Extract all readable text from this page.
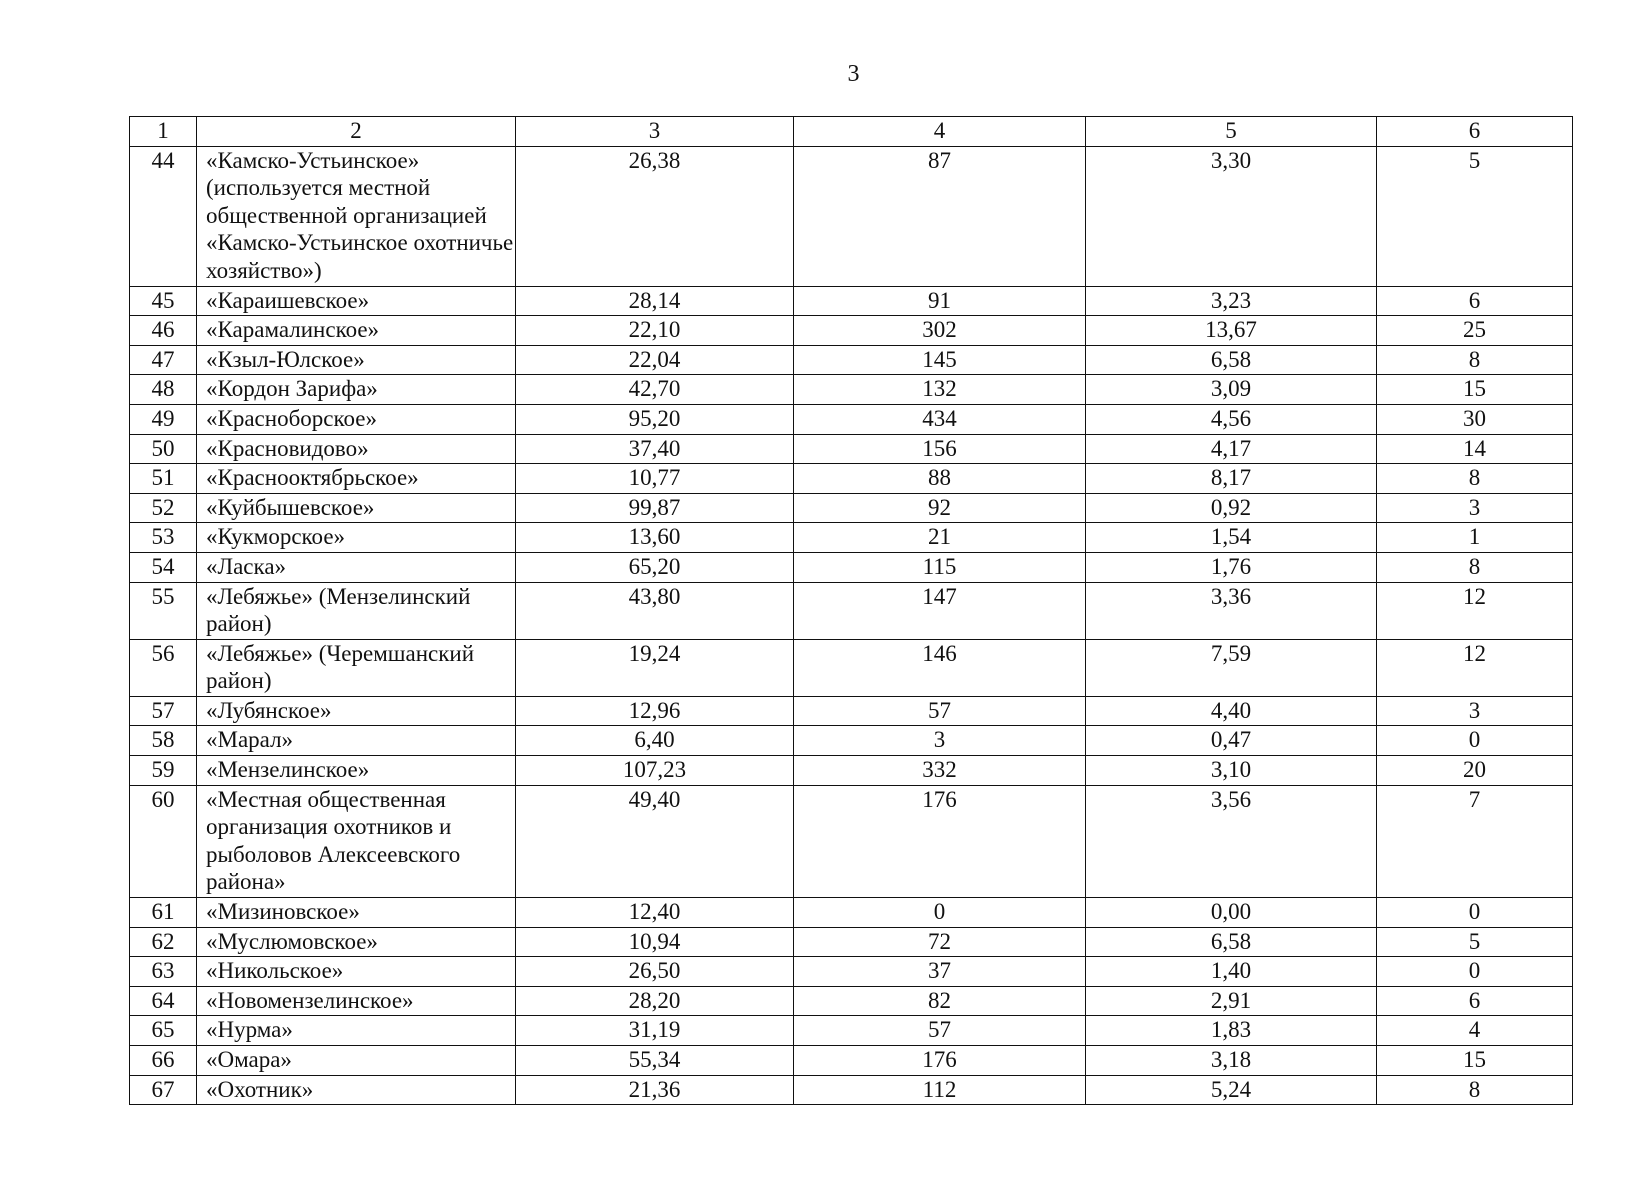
3
1	2	3	4	5	6
44	«Камско-Устьинское» (используется местной общественной организацией «Камско-Устьинское охотничье хозяйство»)	26,38	87	3,30	5
45	«Караишевское»	28,14	91	3,23	6
46	«Карамалинское»	22,10	302	13,67	25
47	«Кзыл-Юлское»	22,04	145	6,58	8
48	«Кордон Зарифа»	42,70	132	3,09	15
49	«Красноборское»	95,20	434	4,56	30
50	«Красновидово»	37,40	156	4,17	14
51	«Краснооктябрьское»	10,77	88	8,17	8
52	«Куйбышевское»	99,87	92	0,92	3
53	«Кукморское»	13,60	21	1,54	1
54	«Ласка»	65,20	115	1,76	8
55	«Лебяжье» (Мензелинский район)	43,80	147	3,36	12
56	«Лебяжье» (Черемшанский район)	19,24	146	7,59	12
57	«Лубянское»	12,96	57	4,40	3
58	«Марал»	6,40	3	0,47	0
59	«Мензелинское»	107,23	332	3,10	20
60	«Местная общественная организация охотников и рыболовов Алексеевского района»	49,40	176	3,56	7
61	«Мизиновское»	12,40	0	0,00	0
62	«Муслюмовское»	10,94	72	6,58	5
63	«Никольское»	26,50	37	1,40	0
64	«Новомензелинское»	28,20	82	2,91	6
65	«Нурма»	31,19	57	1,83	4
66	«Омара»	55,34	176	3,18	15
67	«Охотник»	21,36	112	5,24	8
